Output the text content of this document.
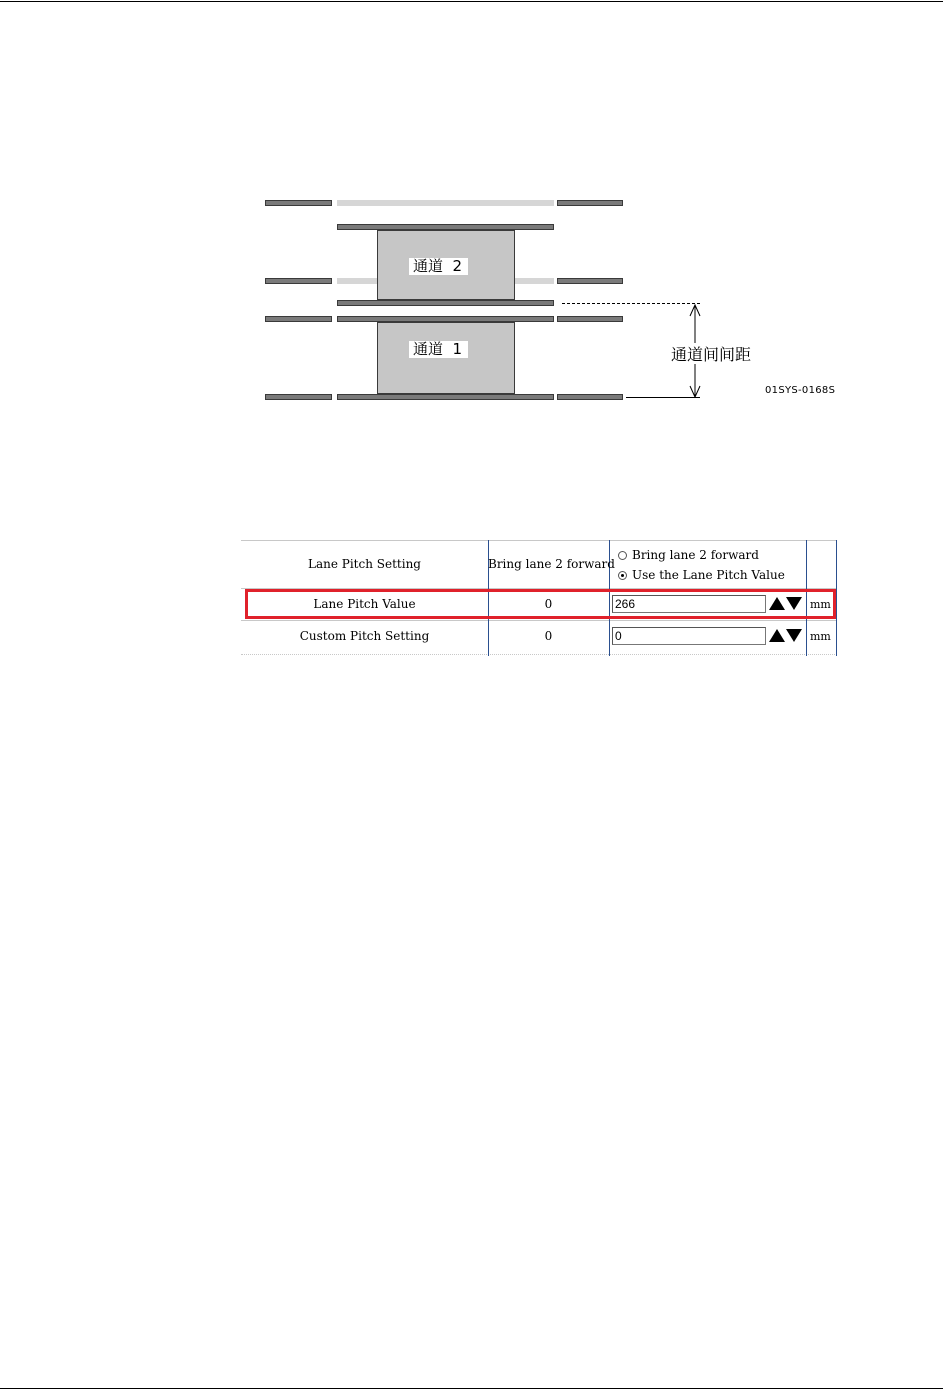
通道  2
通道  1	通道间间距
01SYS-0168S
Lane Pitch Setting	Bring lane 2 forward
Bring lane 2 forward
Use the Lane Pitch Value
Lane Pitch Value	0	266	mm
Custom Pitch Setting	0	0	mm
